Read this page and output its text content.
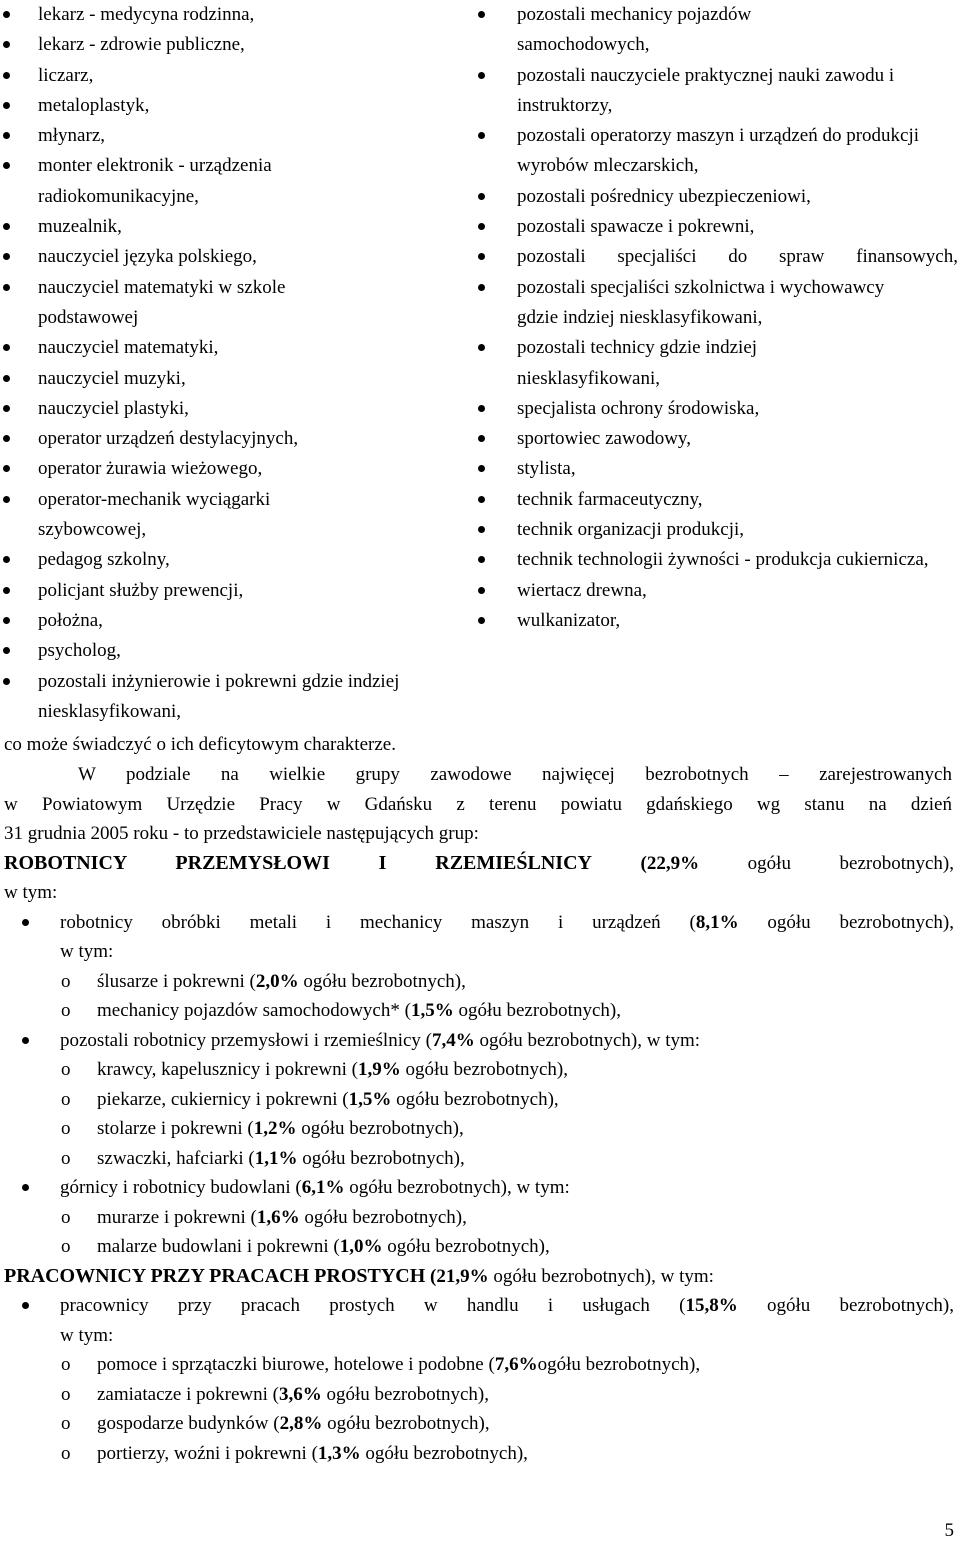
lekarz - medycyna rodzinna,
lekarz - zdrowie publiczne,
liczarz,
metaloplastyk,
młynarz,
monter elektronik - urządzenia radiokomunikacyjne,
muzealnik,
nauczyciel języka polskiego,
nauczyciel matematyki w szkole podstawowej
nauczyciel matematyki,
nauczyciel muzyki,
nauczyciel plastyki,
operator urządzeń destylacyjnych,
operator żurawia wieżowego,
operator-mechanik wyciągarki szybowcowej,
pedagog szkolny,
policjant służby prewencji,
położna,
psycholog,
pozostali inżynierowie i pokrewni gdzie indziej niesklasyfikowani,
pozostali mechanicy pojazdów samochodowych,
pozostali nauczyciele praktycznej nauki zawodu i instruktorzy,
pozostali operatorzy maszyn i urządzeń do produkcji wyrobów mleczarskich,
pozostali pośrednicy ubezpieczeniowi,
pozostali spawacze i pokrewni,
pozostali specjaliści do spraw finansowych,
pozostali specjaliści szkolnictwa i wychowawcy gdzie indziej niesklasyfikowani,
pozostali technicy gdzie indziej niesklasyfikowani,
specjalista ochrony środowiska,
sportowiec zawodowy,
stylista,
technik farmaceutyczny,
technik organizacji produkcji,
technik technologii żywności - produkcja cukiernicza,
wiertacz drewna,
wulkanizator,
co może świadczyć o ich deficytowym charakterze.
W podziale na wielkie grupy zawodowe najwięcej bezrobotnych – zarejestrowanych
w Powiatowym Urzędzie Pracy w Gdańsku z terenu powiatu gdańskiego wg stanu na dzień
31 grudnia 2005 roku - to przedstawiciele następujących grup:
ROBOTNICY PRZEMYSŁOWI I RZEMIEŚLNICY	(22,9% ogółu bezrobotnych),
w tym:
robotnicy obróbki metali i mechanicy maszyn i urządzeń (8,1% ogółu bezrobotnych),
w tym:
o ślusarze i pokrewni (2,0% ogółu bezrobotnych),
o mechanicy pojazdów samochodowych* (1,5% ogółu bezrobotnych),
pozostali robotnicy przemysłowi i rzemieślnicy (7,4% ogółu bezrobotnych), w tym:
o krawcy, kapelusznicy i pokrewni (1,9% ogółu bezrobotnych),
o piekarze, cukiernicy i pokrewni (1,5% ogółu bezrobotnych),
o stolarze i pokrewni (1,2% ogółu bezrobotnych),
o szwaczki, hafciarki (1,1% ogółu bezrobotnych),
górnicy i robotnicy budowlani (6,1% ogółu bezrobotnych), w tym:
o murarze i pokrewni (1,6% ogółu bezrobotnych),
o malarze budowlani i pokrewni (1,0% ogółu bezrobotnych),
PRACOWNICY PRZY PRACACH PROSTYCH (21,9% ogółu bezrobotnych), w tym:
pracownicy przy pracach prostych w handlu i usługach (15,8% ogółu bezrobotnych),
w tym:
o pomoce i sprzątaczki biurowe, hotelowe i podobne (7,6%ogółu bezrobotnych),
o zamiatacze i pokrewni (3,6% ogółu bezrobotnych),
o gospodarze budynków (2,8% ogółu bezrobotnych),
o portierzy, woźni i pokrewni (1,3% ogółu bezrobotnych),
5
